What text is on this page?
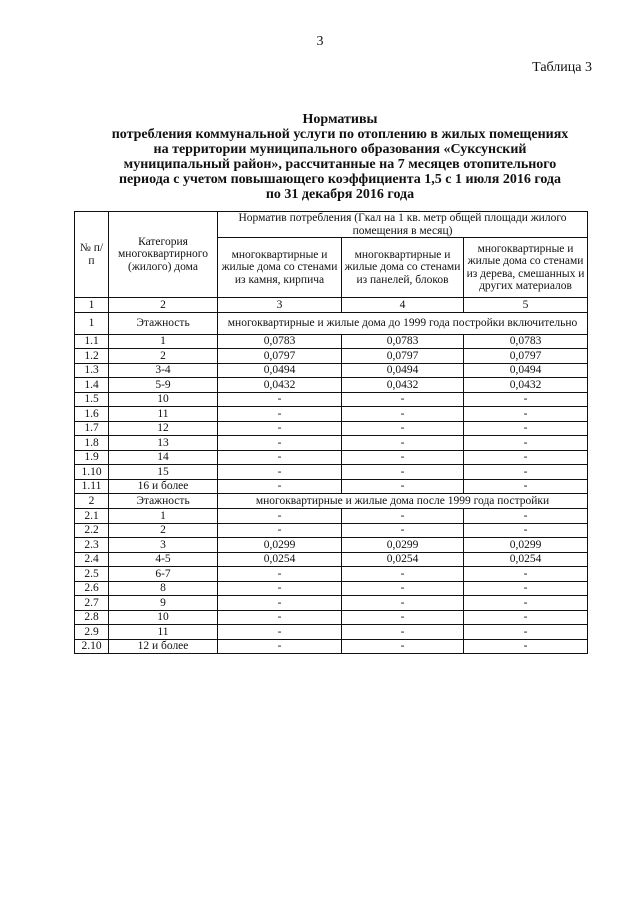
3
Таблица 3
Нормативы
потребления коммунальной услуги по отоплению в жилых помещениях
на территории муниципального образования «Суксунский
муниципальный район», рассчитанные на 7 месяцев отопительного
периода с учетом повышающего коэффициента 1,5 с 1 июля 2016 года
по 31 декабря 2016 года
№ п/п	Категория многоквартирного (жилого) дома	Норматив потребления (Гкал на 1 кв. метр общей площади жилого помещения в месяц)		
		многоквартирные и жилые дома со стенами из камня, кирпича	многоквартирные и жилые дома со стенами из панелей, блоков	многоквартирные и жилые дома со стенами из дерева, смешанных и других материалов
1	2	3	4	5
1	Этажность	многоквартирные и жилые дома до 1999 года постройки включительно		
1.1	1	0,0783	0,0783	0,0783
1.2	2	0,0797	0,0797	0,0797
1.3	3-4	0,0494	0,0494	0,0494
1.4	5-9	0,0432	0,0432	0,0432
1.5	10	-	-	-
1.6	11	-	-	-
1.7	12	-	-	-
1.8	13	-	-	-
1.9	14	-	-	-
1.10	15	-	-	-
1.11	16 и более	-	-	-
2	Этажность	многоквартирные и жилые дома после 1999 года постройки		
2.1	1	-	-	-
2.2	2	-	-	-
2.3	3	0,0299	0,0299	0,0299
2.4	4-5	0,0254	0,0254	0,0254
2.5	6-7	-	-	-
2.6	8	-	-	-
2.7	9	-	-	-
2.8	10	-	-	-
2.9	11	-	-	-
2.10	12 и более	-	-	-
